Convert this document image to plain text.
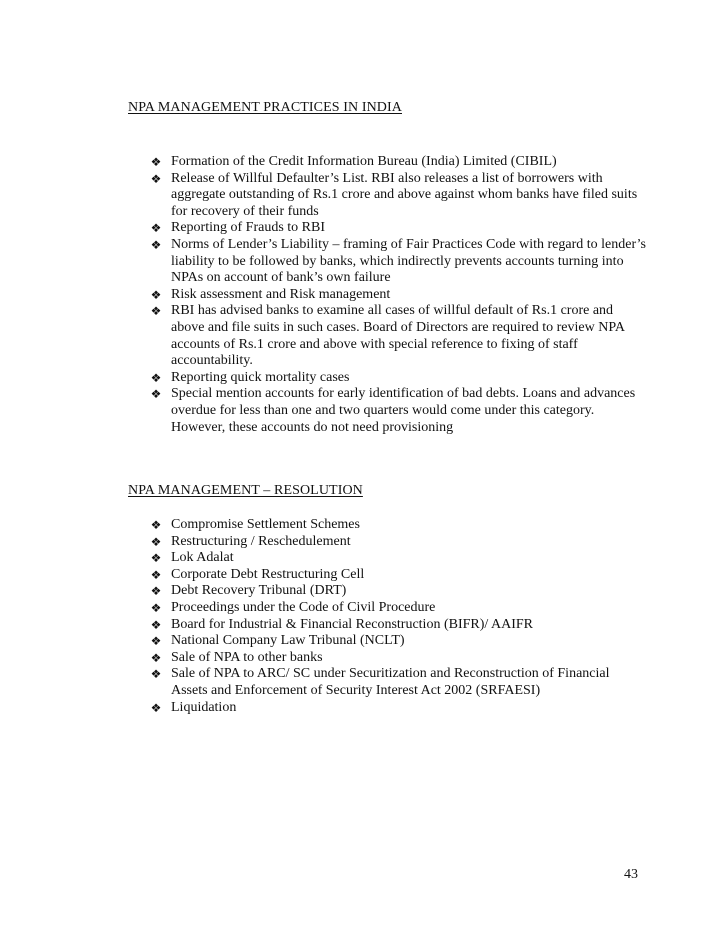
NPA MANAGEMENT PRACTICES IN INDIA
❖ Formation of the Credit Information Bureau (India) Limited (CIBIL)
❖ Release of Willful Defaulter’s List. RBI also releases a list of borrowers with aggregate outstanding of Rs.1 crore and above against whom banks have filed suits for recovery of their funds
❖ Reporting of Frauds to RBI
❖ Norms of Lender’s Liability – framing of Fair Practices Code with regard to lender’s liability to be followed by banks, which indirectly prevents accounts turning into NPAs on account of bank’s own failure
❖ Risk assessment and Risk management
❖ RBI has advised banks to examine all cases of willful default of Rs.1 crore and above and file suits in such cases. Board of Directors are required to review NPA accounts of Rs.1 crore and above with special reference to fixing of staff accountability.
❖ Reporting quick mortality cases
❖ Special mention accounts for early identification of bad debts. Loans and advances overdue for less than one and two quarters would come under this category. However, these accounts do not need provisioning
NPA MANAGEMENT – RESOLUTION
❖ Compromise Settlement Schemes
❖ Restructuring / Reschedulement
❖ Lok Adalat
❖ Corporate Debt Restructuring Cell
❖ Debt Recovery Tribunal (DRT)
❖ Proceedings under the Code of Civil Procedure
❖ Board for Industrial & Financial Reconstruction (BIFR)/ AAIFR
❖ National Company Law Tribunal (NCLT)
❖ Sale of NPA to other banks
❖ Sale of NPA to ARC/ SC under Securitization and Reconstruction of Financial Assets and Enforcement of Security Interest Act 2002 (SRFAESI)
❖ Liquidation
43
